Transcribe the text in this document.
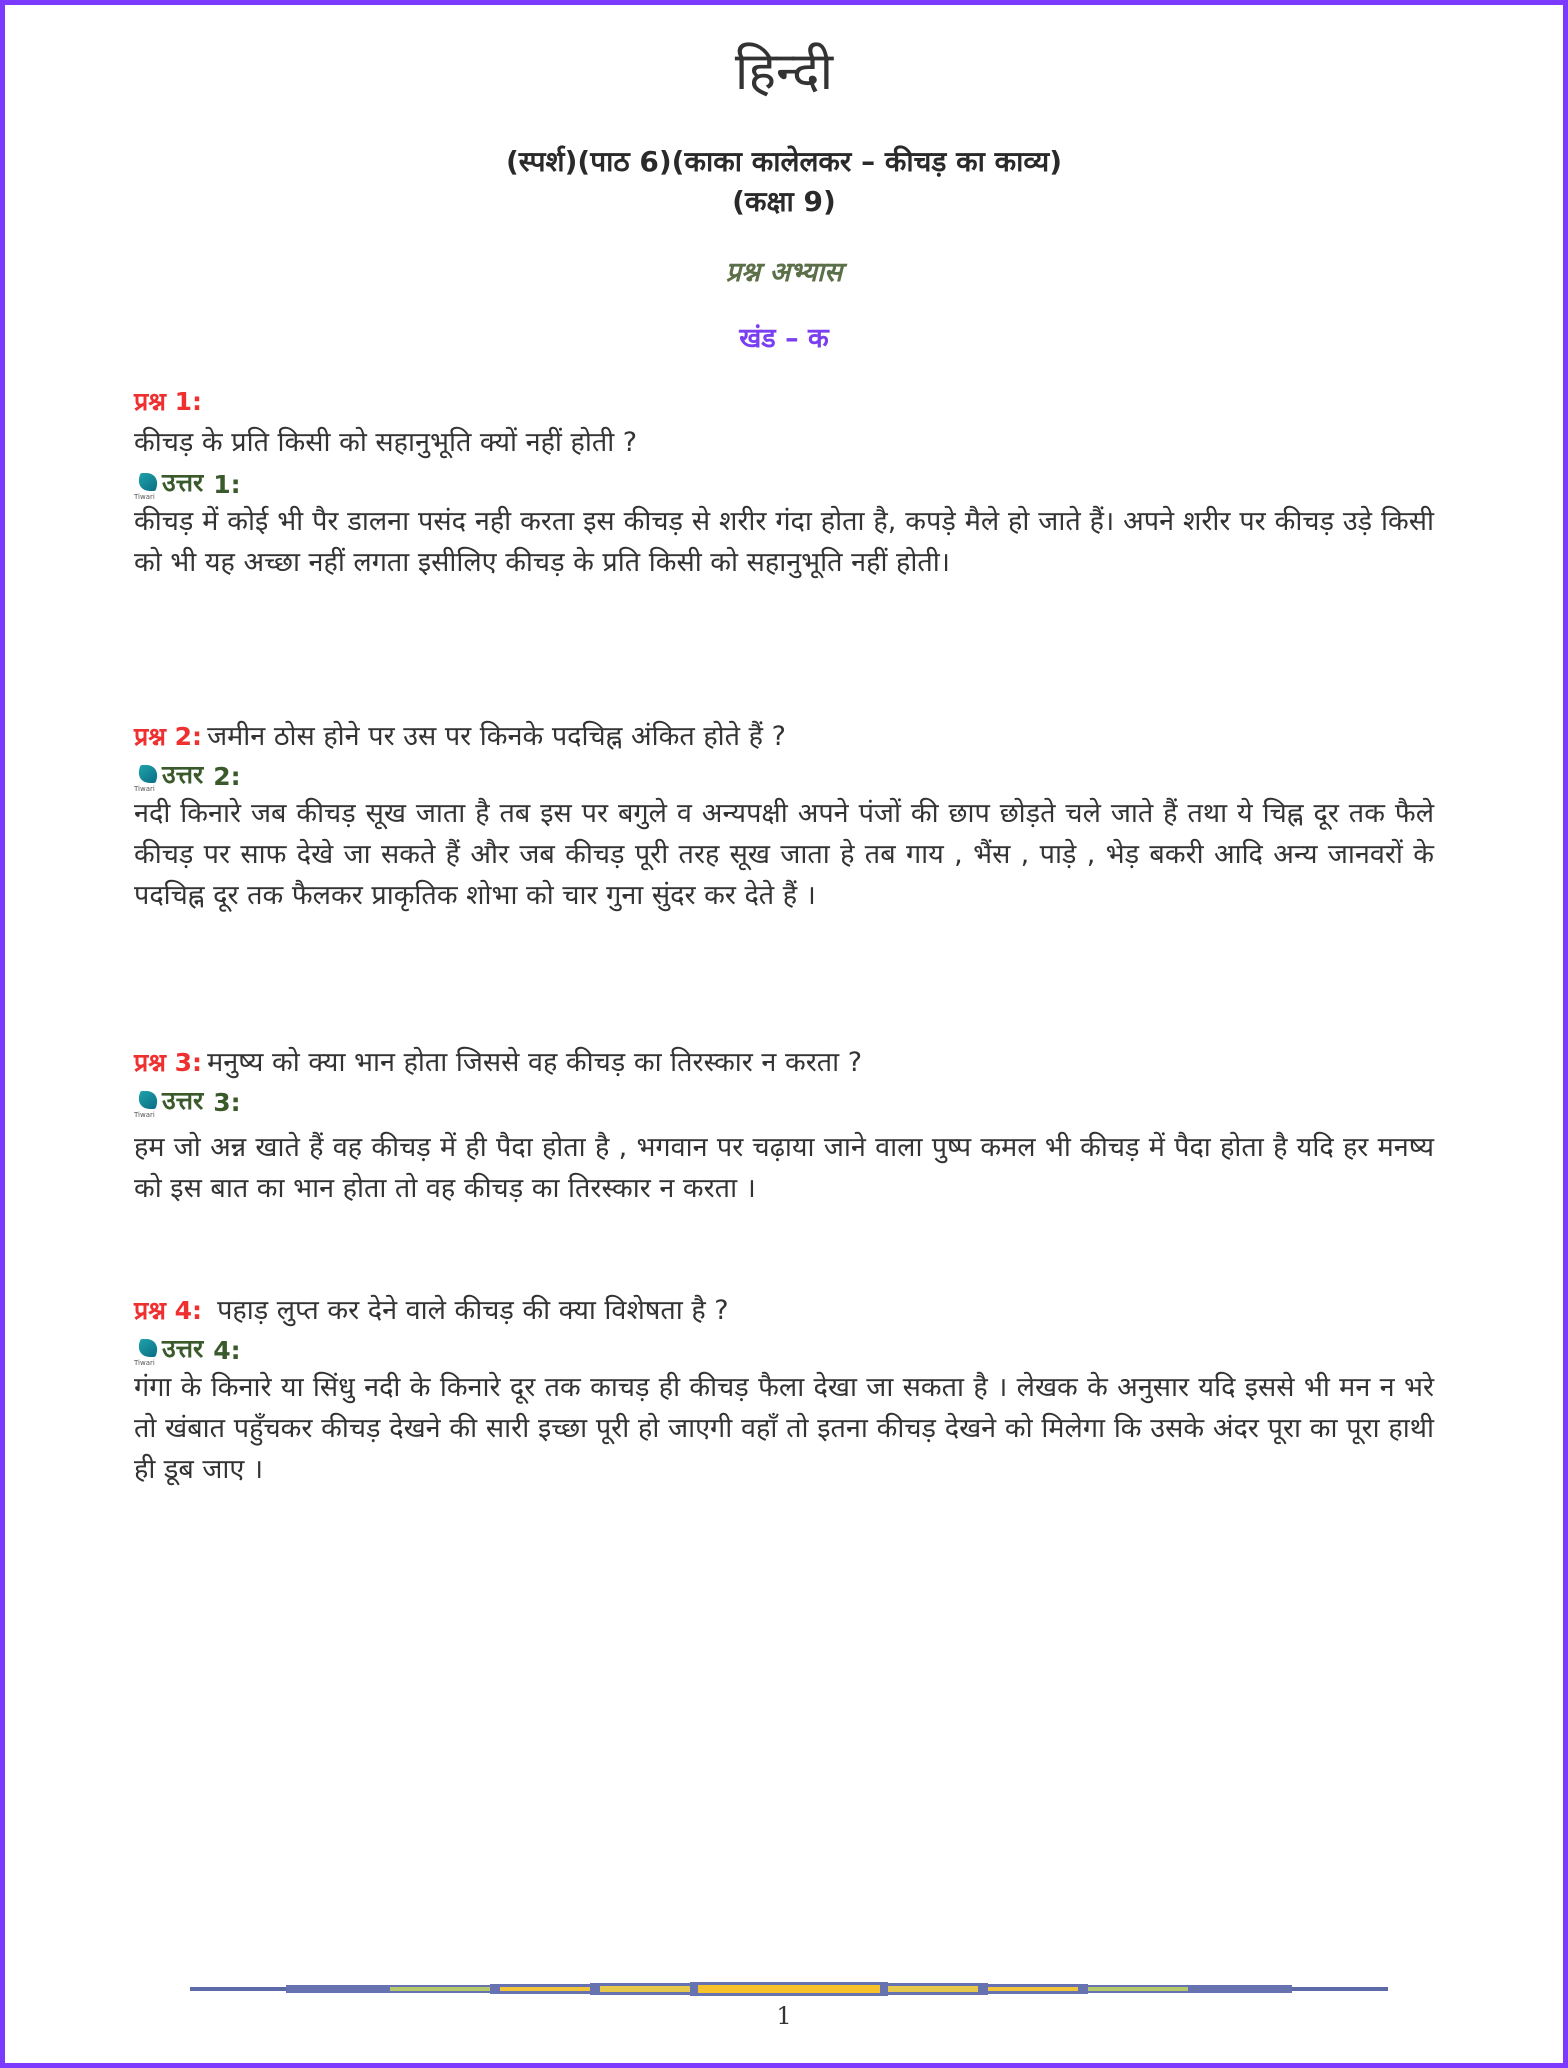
हिन्दी
(स्पर्श)(पाठ 6)(काका कालेलकर – कीचड़ का काव्य)
(कक्षा 9)
प्रश्न अभ्यास
खंड – क
प्रश्न 1:
कीचड़ के प्रति किसी को सहानुभूति क्यों नहीं होती ?
Tiwari उत्तर 1:
कीचड़ में कोई भी पैर डालना पसंद नही करता इस कीचड़ से शरीर गंदा होता है, कपड़े मैले हो जाते हैं। अपने शरीर पर कीचड़ उड़े किसी को भी यह अच्छा नहीं लगता इसीलिए कीचड़ के प्रति किसी को सहानुभूति नहीं होती।
प्रश्न 2: जमीन ठोस होने पर उस पर किनके पदचिह्न अंकित होते हैं ?
Tiwari उत्तर 2:
नदी किनारे जब कीचड़ सूख जाता है तब इस पर बगुले व अन्यपक्षी अपने पंजों की छाप छोड़ते चले जाते हैं तथा ये चिह्न दूर तक फैले कीचड़ पर साफ देखे जा सकते हैं और जब कीचड़ पूरी तरह सूख जाता हे तब गाय , भैंस , पाड़े , भेड़ बकरी आदि अन्य जानवरों के पदचिह्न दूर तक फैलकर प्राकृतिक शोभा को चार गुना सुंदर कर देते हैं ।
प्रश्न 3: मनुष्य को क्या भान होता जिससे वह कीचड़ का तिरस्कार न करता ?
Tiwari उत्तर 3:
हम जो अन्न खाते हैं वह कीचड़ में ही पैदा होता है , भगवान पर चढ़ाया जाने वाला पुष्प कमल भी कीचड़ में पैदा होता है यदि हर मनष्य को इस बात का भान होता तो वह कीचड़ का तिरस्कार न करता ।
प्रश्न 4: पहाड़ लुप्त कर देने वाले कीचड़ की क्या विशेषता है ?
Tiwari उत्तर 4:
गंगा के किनारे या सिंधु नदी के किनारे दूर तक काचड़ ही कीचड़ फैला देखा जा सकता है । लेखक के अनुसार यदि इससे भी मन न भरे तो खंबात पहुँचकर कीचड़ देखने की सारी इच्छा पूरी हो जाएगी वहाँ तो इतना कीचड़ देखने को मिलेगा कि उसके अंदर पूरा का पूरा हाथी ही डूब जाए ।
1
